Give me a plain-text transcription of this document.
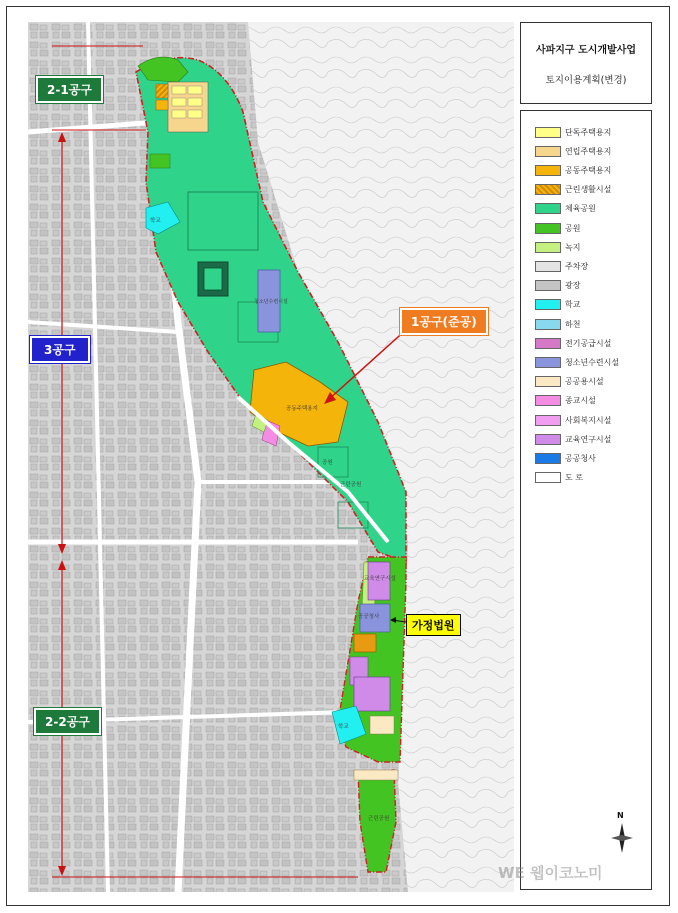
학교
청소년수련시설
공동주택용지
공공청사
교육연구시설
학교
공원
근린공원
근린공원
2-1공구
3공구
1공구(준공)
가정법원
2-2공구
사파지구 도시개발사업
토지이용계획(변경)
단독주택용지
연립주택용지
공동주택용지
근린생활시설
체육공원
공원
녹지
주차장
광장
학교
하천
전기공급시설
청소년수련시설
공공용시설
종교시설
사회복지시설
교육연구시설
공공청사
도 로
N
WE 웹이코노미
